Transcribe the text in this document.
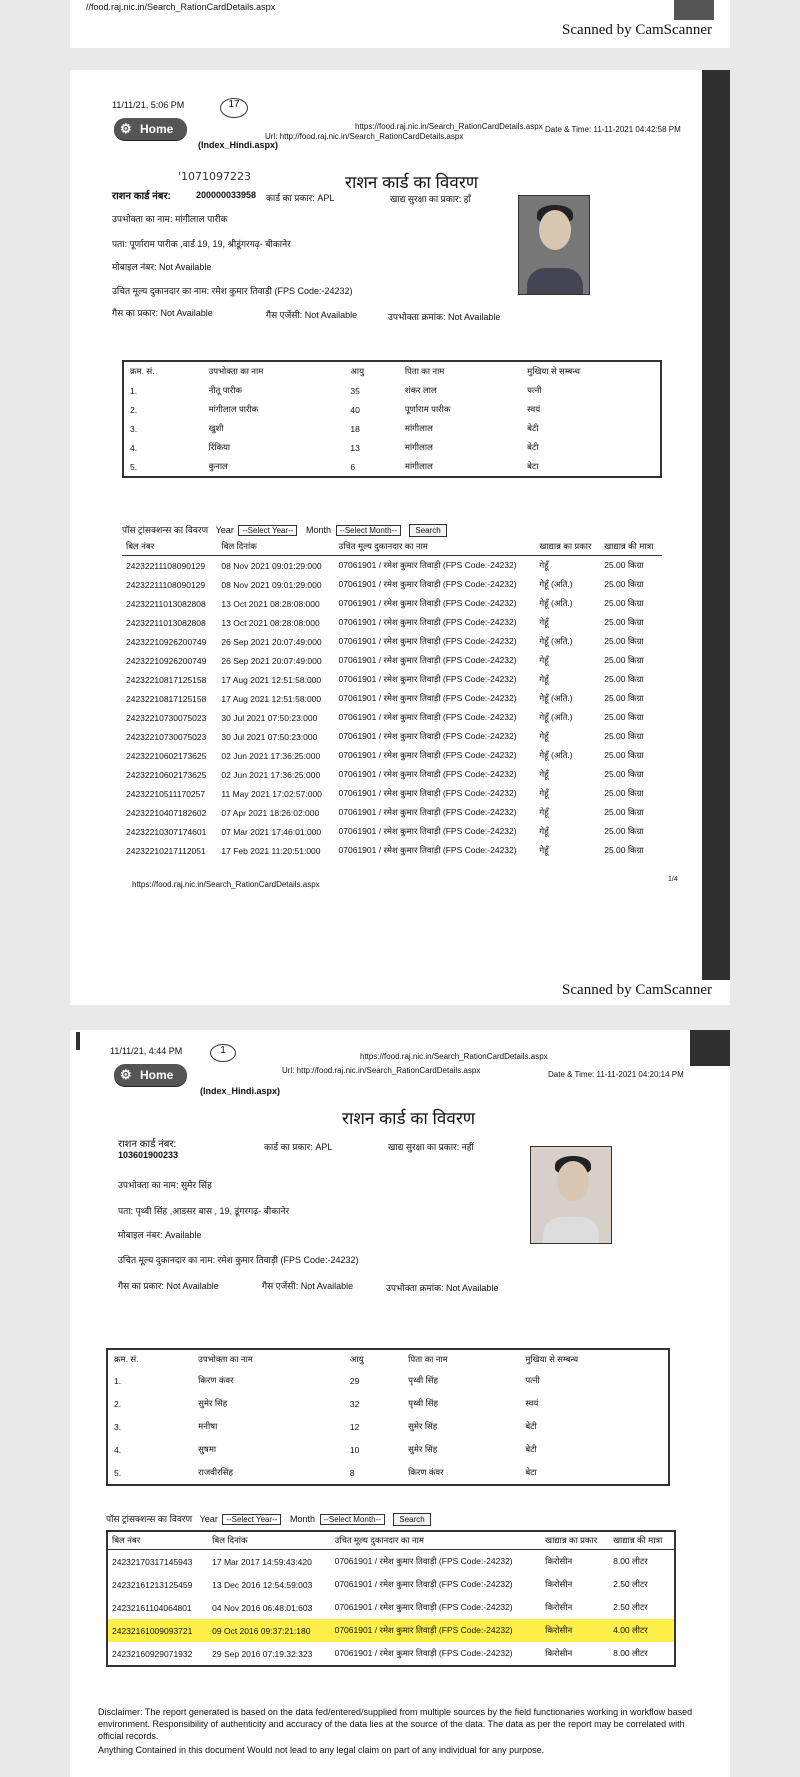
//food.raj.nic.in/Search_RationCardDetails.aspx
Scanned by CamScanner
11/11/21, 5:06 PM	17
⚙ Home
(Index_Hindi.aspx)
https://food.raj.nic.in/Search_RationCardDetails.aspx
Url: http://food.raj.nic.in/Search_RationCardDetails.aspx
Date & Time: 11-11-2021 04:42:58 PM
'1071097223	राशन कार्ड का विवरण
राशन कार्ड नंबर:	200000033958 कार्ड का प्रकार: APL	खाद्य सुरक्षा का प्रकार: हाँ
उपभोक्ता का नाम: मांगीलाल पारीक
पता: पूर्णाराम पारीक ,वार्ड 19, 19, श्रीडूंगरगढ़- बीकानेर
मोबाइल नंबर: Not Available
उचित मूल्य दुकानदार का नाम: रमेश कुमार तिवाड़ी (FPS Code:-24232)
गैस का प्रकार: Not Available	गैस एजेंसी: Not Available	उपभोक्ता क्रमांक: Not Available
क्रम. सं.	उपभोक्ता का नाम	आयु	पिता का नाम	मुखिया से सम्बन्ध
1.	नीतू पारीक	35	शंकर लाल	पत्नी
2.	मांगीलाल पारीक	40	पूर्णाराम पारीक	स्वयं
3.	खुशी	18	मांगीलाल	बेटी
4.	रिंकिया	13	मांगीलाल	बेटी
5.	कुनाल	6	मांगीलाल	बेटा
पॉस ट्रांसक्शन्स का विवरण Year --Select Year-- Month --Select Month-- Search
बिल नंबर	बिल दिनांक	उचित मूल्य दुकानदार का नाम	खाद्यान्न का प्रकार	खाद्यान्न की मात्रा
24232211108090129	08 Nov 2021 09:01:29:000	07061901 / रमेश कुमार तिवाड़ी (FPS Code:-24232)	गेहूँ	25.00 किग्रा
24232211108090129	08 Nov 2021 09:01:29:000	07061901 / रमेश कुमार तिवाड़ी (FPS Code:-24232)	गेहूँ (अति.)	25.00 किग्रा
24232211013082808	13 Oct 2021 08:28:08:000	07061901 / रमेश कुमार तिवाड़ी (FPS Code:-24232)	गेहूँ (अति.)	25.00 किग्रा
24232211013082808	13 Oct 2021 08:28:08:000	07061901 / रमेश कुमार तिवाड़ी (FPS Code:-24232)	गेहूँ	25.00 किग्रा
24232210926200749	26 Sep 2021 20:07:49:000	07061901 / रमेश कुमार तिवाड़ी (FPS Code:-24232)	गेहूँ (अति.)	25.00 किग्रा
24232210926200749	26 Sep 2021 20:07:49:000	07061901 / रमेश कुमार तिवाड़ी (FPS Code:-24232)	गेहूँ	25.00 किग्रा
24232210817125158	17 Aug 2021 12:51:58:000	07061901 / रमेश कुमार तिवाड़ी (FPS Code:-24232)	गेहूँ	25.00 किग्रा
24232210817125158	17 Aug 2021 12:51:58:000	07061901 / रमेश कुमार तिवाड़ी (FPS Code:-24232)	गेहूँ (अति.)	25.00 किग्रा
24232210730075023	30 Jul 2021 07:50:23:000	07061901 / रमेश कुमार तिवाड़ी (FPS Code:-24232)	गेहूँ (अति.)	25.00 किग्रा
24232210730075023	30 Jul 2021 07:50:23:000	07061901 / रमेश कुमार तिवाड़ी (FPS Code:-24232)	गेहूँ	25.00 किग्रा
24232210602173625	02 Jun 2021 17:36:25:000	07061901 / रमेश कुमार तिवाड़ी (FPS Code:-24232)	गेहूँ (अति.)	25.00 किग्रा
24232210602173625	02 Jun 2021 17:36:25:000	07061901 / रमेश कुमार तिवाड़ी (FPS Code:-24232)	गेहूँ	25.00 किग्रा
24232210511170257	11 May 2021 17:02:57:000	07061901 / रमेश कुमार तिवाड़ी (FPS Code:-24232)	गेहूँ	25.00 किग्रा
24232210407182602	07 Apr 2021 18:26:02:000	07061901 / रमेश कुमार तिवाड़ी (FPS Code:-24232)	गेहूँ	25.00 किग्रा
24232210307174601	07 Mar 2021 17:46:01:000	07061901 / रमेश कुमार तिवाड़ी (FPS Code:-24232)	गेहूँ	25.00 किग्रा
24232210217112051	17 Feb 2021 11:20:51:000	07061901 / रमेश कुमार तिवाड़ी (FPS Code:-24232)	गेहूँ	25.00 किग्रा
https://food.raj.nic.in/Search_RationCardDetails.aspx
1/4
Scanned by CamScanner
11/11/21, 4:44 PM	1
⚙ Home
(Index_Hindi.aspx)
https://food.raj.nic.in/Search_RationCardDetails.aspx
Url: http://food.raj.nic.in/Search_RationCardDetails.aspx	Date & Time: 11-11-2021 04:20:14 PM
राशन कार्ड का विवरण
राशन कार्ड नंबर:
103601900233
कार्ड का प्रकार: APL	खाद्य सुरक्षा का प्रकार: नहीं
उपभोक्ता का नाम: सुमेर सिंह
पता: पृथ्वी सिंह ,आडसर बास , 19, डूंगरगढ़- बीकानेर
मोबाइल नंबर: Available
उचित मूल्य दुकानदार का नाम: रमेश कुमार तिवाड़ी (FPS Code:-24232)
गैस का प्रकार: Not Available	गैस एजेंसी: Not Available	उपभोक्ता क्रमांक: Not Available
क्रम. सं.	उपभोक्ता का नाम	आयु	पिता का नाम	मुखिया से सम्बन्ध
1.	किरण कंवर	29	पृथ्वी सिंह	पत्नी
2.	सुमेर सिंह	32	पृथ्वी सिंह	स्वयं
3.	मनीषा	12	सुमेर सिंह	बेटी
4.	सुषमा	10	सुमेर सिंह	बेटी
5.	राजवीरसिंह	8	किरण कंवर	बेटा
पॉस ट्रांसक्शन्स का विवरण Year --Select Year-- Month --Select Month-- Search
बिल नंबर	बिल दिनांक	उचित मूल्य दुकानदार का नाम	खाद्यान्न का प्रकार	खाद्यान्न की मात्रा
24232170317145943	17 Mar 2017 14:59:43:420	07061901 / रमेश कुमार तिवाड़ी (FPS Code:-24232)	किरोसीन	8.00 लीटर
24232161213125459	13 Dec 2016 12:54:59:003	07061901 / रमेश कुमार तिवाड़ी (FPS Code:-24232)	किरोसीन	2.50 लीटर
24232161104064801	04 Nov 2016 06:48:01:603	07061901 / रमेश कुमार तिवाड़ी (FPS Code:-24232)	किरोसीन	2.50 लीटर
24232161009093721	09 Oct 2016 09:37:21:180	07061901 / रमेश कुमार तिवाड़ी (FPS Code:-24232)	किरोसीन	4.00 लीटर
24232160929071932	29 Sep 2016 07:19:32:323	07061901 / रमेश कुमार तिवाड़ी (FPS Code:-24232)	किरोसीन	8.00 लीटर
Disclaimer: The report generated is based on the data fed/entered/supplied from multiple sources by the field functionaries working in workflow based environment. Responsibility of authenticity and accuracy of the data lies at the source of the data. The data as per the report may be correlated with official records.
Anything Contained in this document Would not lead to any legal claim on part of any individual for any purpose.
